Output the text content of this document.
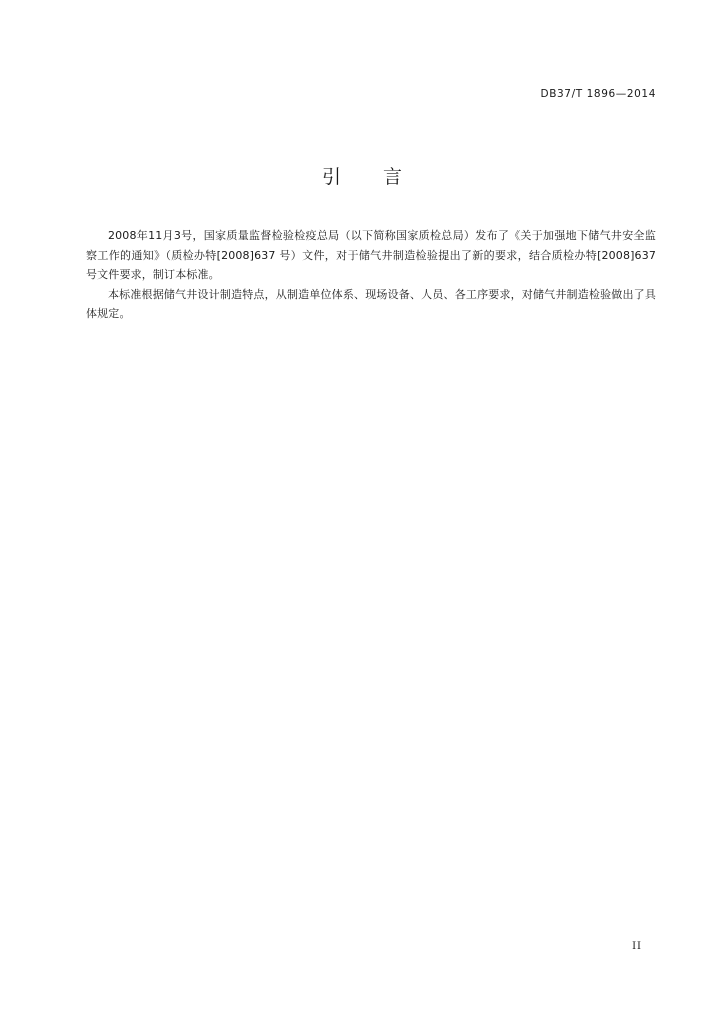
DB37/T 1896—2014
引 言

2008年11月3号，国家质量监督检验检疫总局（以下简称国家质检总局）发布了《关于加强地下储气井安全监察工作的通知》（质检办特[2008]637 号）文件，对于储气井制造检验提出了新的要求，结合质检办特[2008]637 号文件要求，制订本标准。

本标准根据储气井设计制造特点，从制造单位体系、现场设备、人员、各工序要求，对储气井制造检验做出了具体规定。

II
